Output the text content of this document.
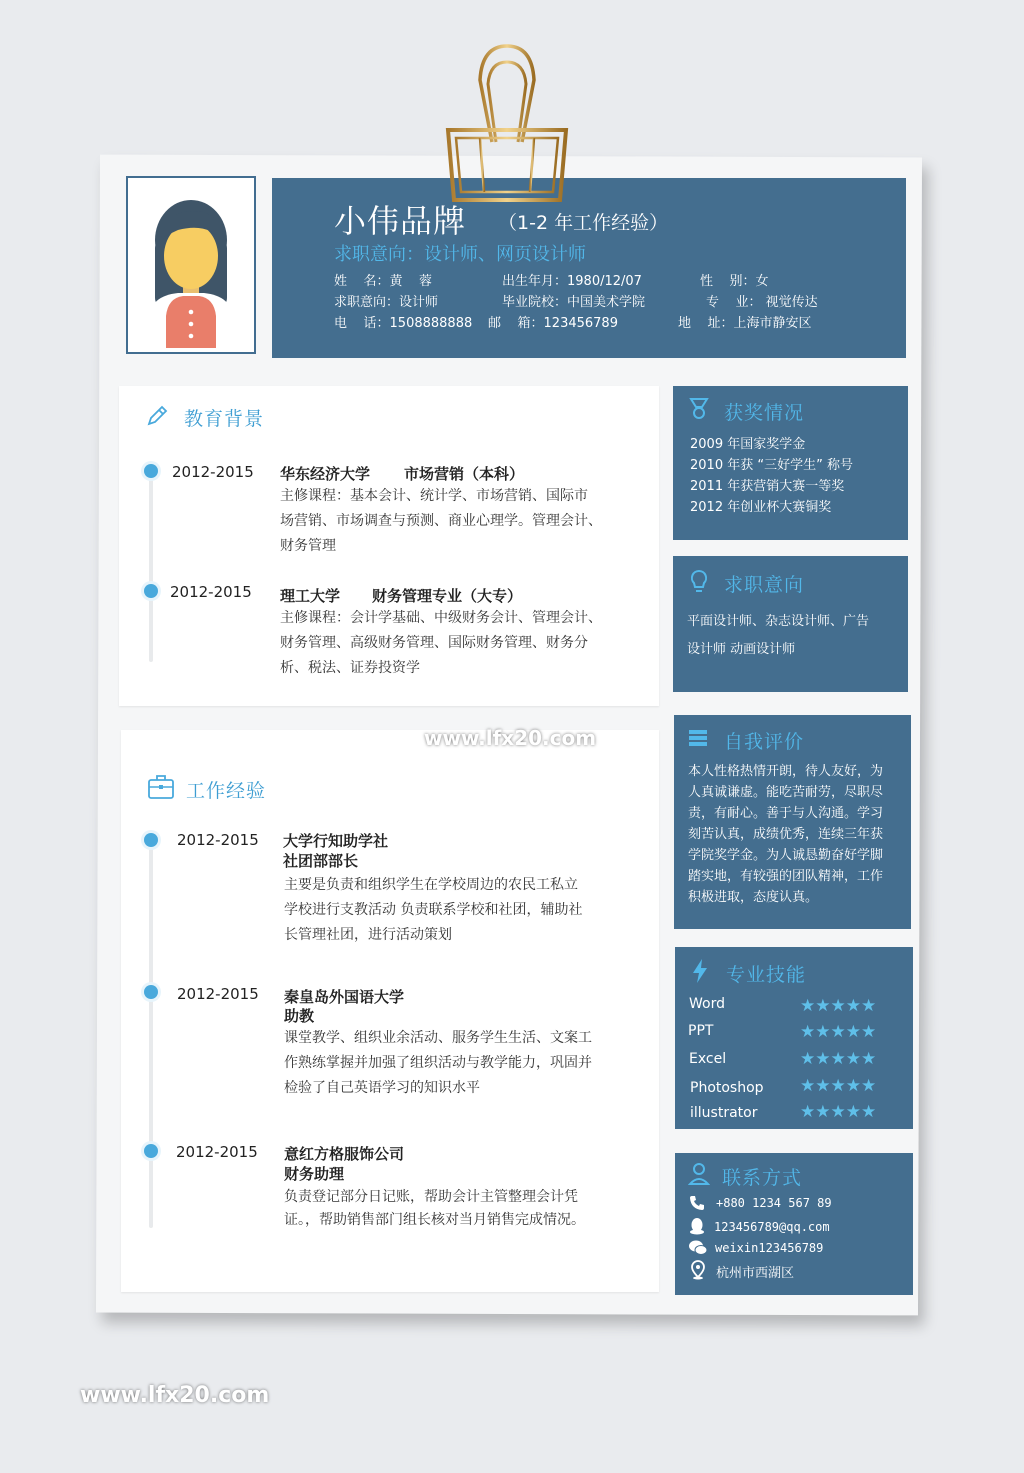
小伟品牌 （1-2 年工作经验）
求职意向：设计师、网页设计师
姓    名：黄    蓉	出生年月：1980/12/07	性    别：女
求职意向：设计师	毕业院校：中国美术学院	专    业： 视觉传达
电    话：1508888888 邮    箱：123456789	地    址：上海市静安区
教育背景
2012-2015 华东经济大学 市场营销（本科）
主修课程：基本会计、统计学、市场营销、国际市
场营销、市场调查与预测、商业心理学。管理会计、
财务管理
2012-2015 理工大学 财务管理专业（大专）
主修课程：会计学基础、中级财务会计、管理会计、
财务管理、高级财务管理、国际财务管理、财务分
析、税法、证券投资学
www.lfx20.com
工作经验
2012-2015 大学行知助学社
社团部部长
主要是负责和组织学生在学校周边的农民工私立
学校进行支教活动 负责联系学校和社团，辅助社
长管理社团，进行活动策划
2012-2015 秦皇岛外国语大学
助教
课堂教学、组织业余活动、服务学生生活、文案工
作熟练掌握并加强了组织活动与教学能力，巩固并
检验了自己英语学习的知识水平
2012-2015 意红方格服饰公司
财务助理
负责登记部分日记账，帮助会计主管整理会计凭
证。，帮助销售部门组长核对当月销售完成情况。
获奖情况
2009 年国家奖学金
2010 年获 “三好学生” 称号
2011 年获营销大赛一等奖
2012 年创业杯大赛铜奖
求职意向
平面设计师、杂志设计师、广告
设计师 动画设计师
自我评价
本人性格热情开朗，待人友好，为
人真诚谦虚。能吃苦耐劳，尽职尽
责，有耐心。善于与人沟通。学习
刻苦认真，成绩优秀，连续三年获
学院奖学金。为人诚恳勤奋好学脚
踏实地，有较强的团队精神，工作
积极进取，态度认真。
专业技能
Word	★★★★★
PPT	★★★★★
Excel	★★★★★
Photoshop ★★★★★
illustrator	★★★★★
联系方式
+880 1234 567 89
123456789@qq.com
weixin123456789
杭州市西湖区
www.lfx20.com
